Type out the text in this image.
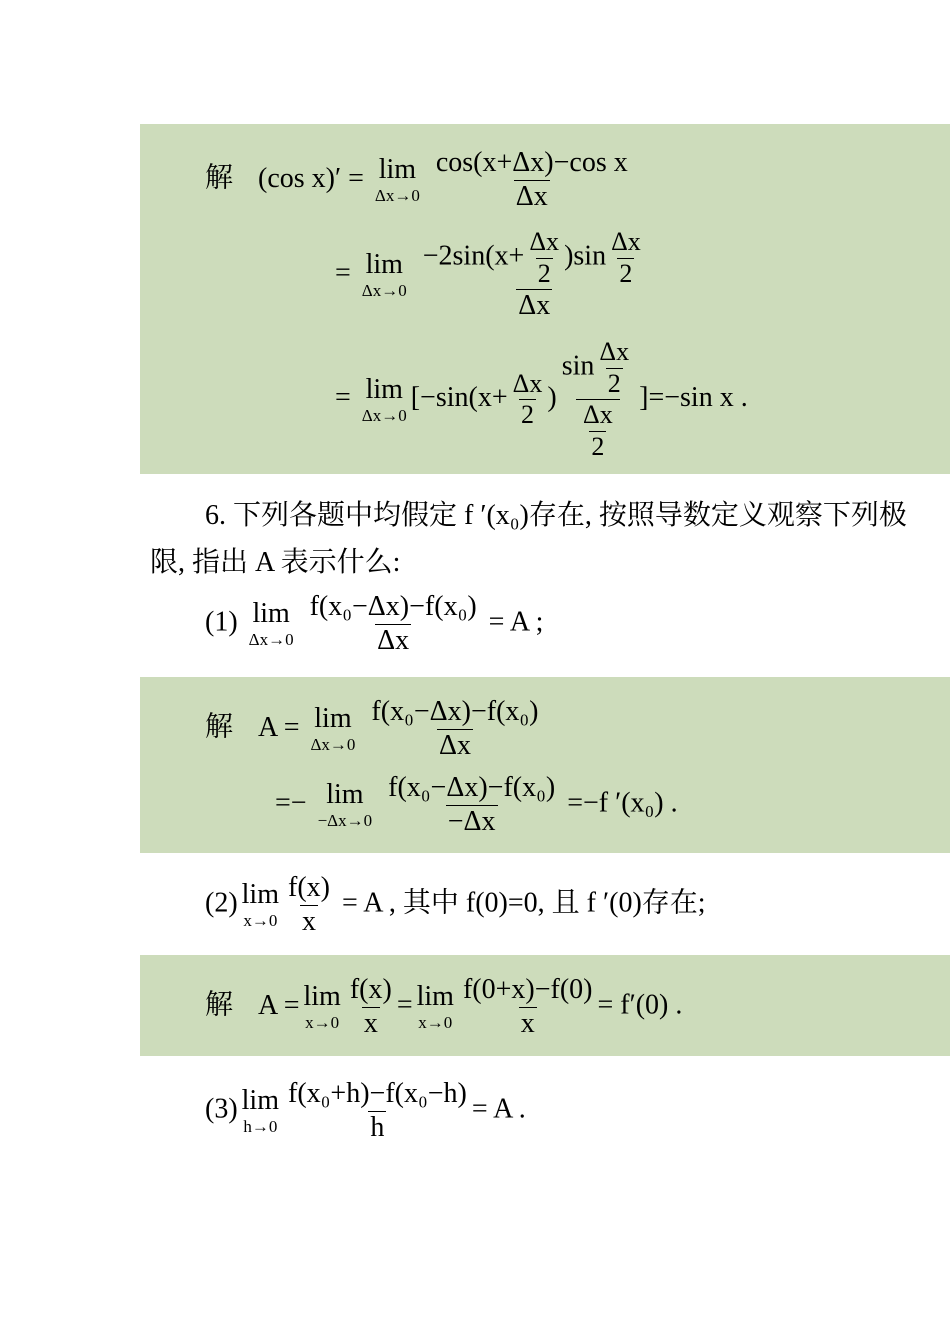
解 (cos x)′ = lim
Δx→0
$\frac{\text{cos(x+Δx)−cos x}}{\Delta x}$
= lim
Δx→0
$\frac{-2\sin(x+ \frac{\Delta x}{2} )\sin \frac{\Delta x}{2}}{\Delta x}$
= lim
Δx→0
[$-\sin(x+ \frac{\Delta x}{2}$ ) $\frac{\sin \frac{\Delta x}{2}}{\frac{\Delta x}{2}} ]=-\sin$ x .
6. 下列各题中均假定 f ′(x₀)存在, 按照导数定义观察下列极
限, 指出 A 表示什么:
(1) lim
Δx→0
$\frac{\text{f(x₀−Δx)−f(x₀)}}{\Delta x} = A$ ;
解 A = lim
Δx→0
$\frac{\text{f(x₀−Δx)−f(x₀)}}{\Delta x}$
=− lim
−Δx→0
$\frac{\text{f(x₀−Δx)−f(x₀)}}{-\Delta x} =-f$ ′(x₀) .
(2) lim
$x\to 0 \frac{f(x)}{x} = A$ , 其中 f(0)=0, 且 f ′(0)存在;
解 A = lim
$x\to 0 \frac{f(x)}{x} = \lim$
$x\to 0 \frac{f(0+x)-f(0)}{x} = f'(0)$ .
(3) lim
$h\to 0 \frac{\text{f(x₀+h)−f(x₀−h)}}{h} = A$ .
